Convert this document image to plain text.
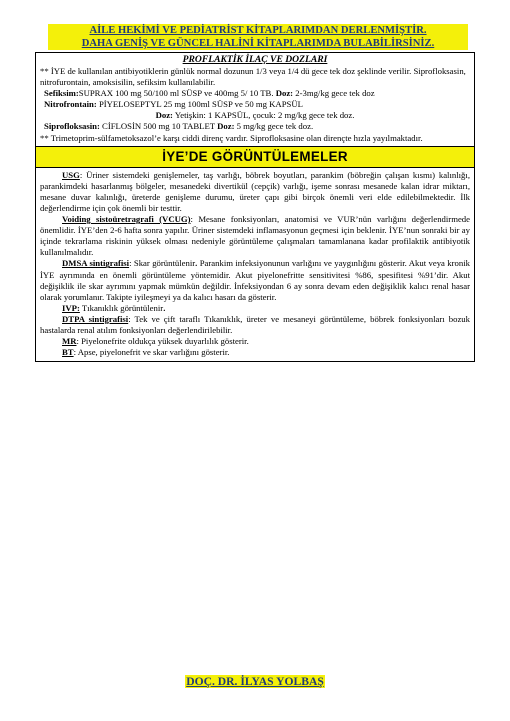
AİLE HEKİMİ VE PEDİATRİST KİTAPLARIMDAN DERLENMİŞTİR.
DAHA GENİŞ VE GÜNCEL HALİNİ KİTAPLARIMDA BULABİLİRSİNİZ.
PROFLAKTİK İLAÇ VE DOZLARI
** İYE de kullanılan antibiyotiklerin günlük normal dozunun 1/3 veya 1/4 dü gece tek doz şeklinde verilir. Siprofloksasin, nitrofurontain, amoksisilin, sefiksim kullanılabilir.
Sefiksim:SUPRAX 100 mg 50/100 ml SÜSP ve 400mg 5/ 10 TB. Doz: 2-3mg/kg gece tek doz
Nitrofrontain: PİYELOSEPTYL 25 mg 100ml SÜSP ve 50 mg KAPSÜL
Doz: Yetişkin: 1 KAPSÜL, çocuk: 2 mg/kg gece tek doz.
Siprofloksasin: CİFLOSİN 500 mg 10 TABLET Doz: 5 mg/kg gece tek doz.
** Trimetoprim-sülfametoksazol’e karşı ciddi direnç vardır. Siprofloksasine olan dirençte hızla yayılmaktadır.
İYE’DE GÖRÜNTÜLEMELER

USG: Üriner sistemdeki genişlemeler, taş varlığı, böbrek boyutları, parankim (böbreğin çalışan kısmı) kalınlığı, parankimdeki hasarlanmış bölgeler, mesanedeki divertikül (cepçik) varlığı, işeme sonrası mesanede kalan idrar miktarı, mesane duvar kalınlığı, üreterde genişleme durumu, üreter çapı gibi birçok önemli veri elde edilebilmektedir. İlk değerlendirme için çok önemli bir testtir.

Voiding sistoüretragrafi (VCUG): Mesane fonksiyonları, anatomisi ve VUR’nün varlığını değerlendirmede önemlidir. İYE’den 2-6 hafta sonra yapılır. Üriner sistemdeki inflamasyonun geçmesi için beklenir. İYE’nun sonraki bir ay içinde tekrarlama riskinin yüksek olması nedeniyle görüntüleme çalışmaları tamamlanana kadar profilaktik antibiyotik kullanılmalıdır.

DMSA sintigrafisi: Skar görüntülenir. Parankim infeksiyonunun varlığını ve yaygınlığını gösterir. Akut veya kronik İYE ayrımında en önemli görüntüleme yöntemidir. Akut piyelonefritte sensitivitesi %86, spesifitesi %91’dir. Akut değişiklik ile skar ayrımını yapmak mümkün değildir. İnfeksiyondan 6 ay sonra devam eden değişiklik kalıcı renal hasar olarak yorumlanır. Takipte iyileşmeyi ya da kalıcı hasarı da gösterir.

IVP: Tıkanıklık görüntülenir.

DTPA sintigrafisi: Tek ve çift taraflı Tıkanıklık, üreter ve mesaneyi görüntüleme, böbrek fonksiyonları bozuk hastalarda renal atılım fonksiyonları değerlendirilebilir.

MR: Piyelonefrite oldukça yüksek duyarlılık gösterir.

BT: Apse, piyelonefrit ve skar varlığını gösterir.

DOÇ. DR. İLYAS YOLBAŞ
